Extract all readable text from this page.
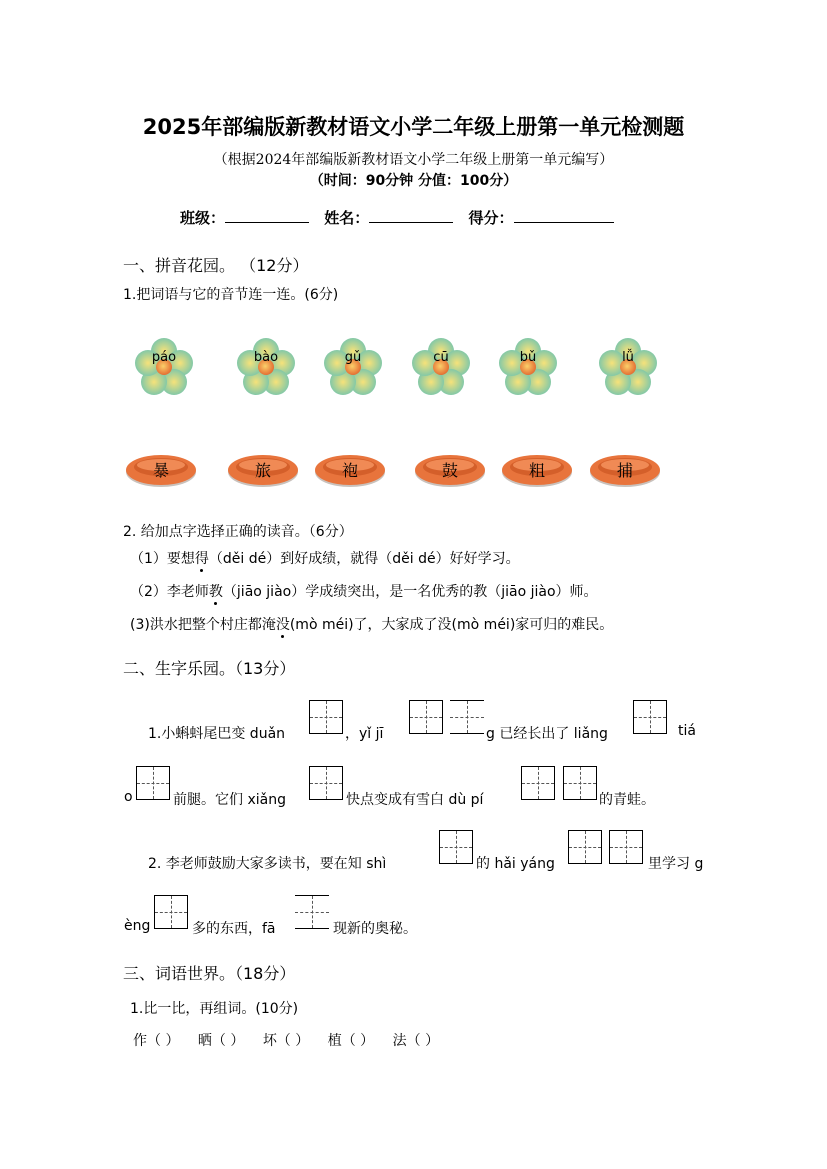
2025年部编版新教材语文小学二年级上册第一单元检测题
（根据2024年部编版新教材语文小学二年级上册第一单元编写）
（时间：90分钟 分值：100分）
班级：	姓名：	得分：
一、拼音花园。 （12分）
1.把词语与它的音节连一连。(6分)
páo	bào	gǔ	cū	bǔ	lǚ
暴	旅	袍	鼓	粗	捕
2. 给加点字选择正确的读音。（6分）
（1）要想得（děi dé）到好成绩，就得（děi dé）好好学习。
（2）李老师教（jiāo jiào）学成绩突出，是一名优秀的教（jiāo jiào）师。
(3)洪水把整个村庄都淹没(mò méi)了，大家成了没(mò méi)家可归的难民。
二、生字乐园。（13分）
1.小蝌蚪尾巴变 duǎn	，yǐ jī	g 已经长出了 liǎng	tiá
o	前腿。它们 xiǎng	快点变成有雪白 dù pí	的青蛙。
2. 李老师鼓励大家多读书，要在知 shì	的 hǎi yáng	里学习 g
èng	多的东西，fā	现新的奥秘。
三、词语世界。（18分）
1.比一比，再组词。(10分)
作（ ） 晒（ ） 坏（ ） 植（ ） 法（ ）
